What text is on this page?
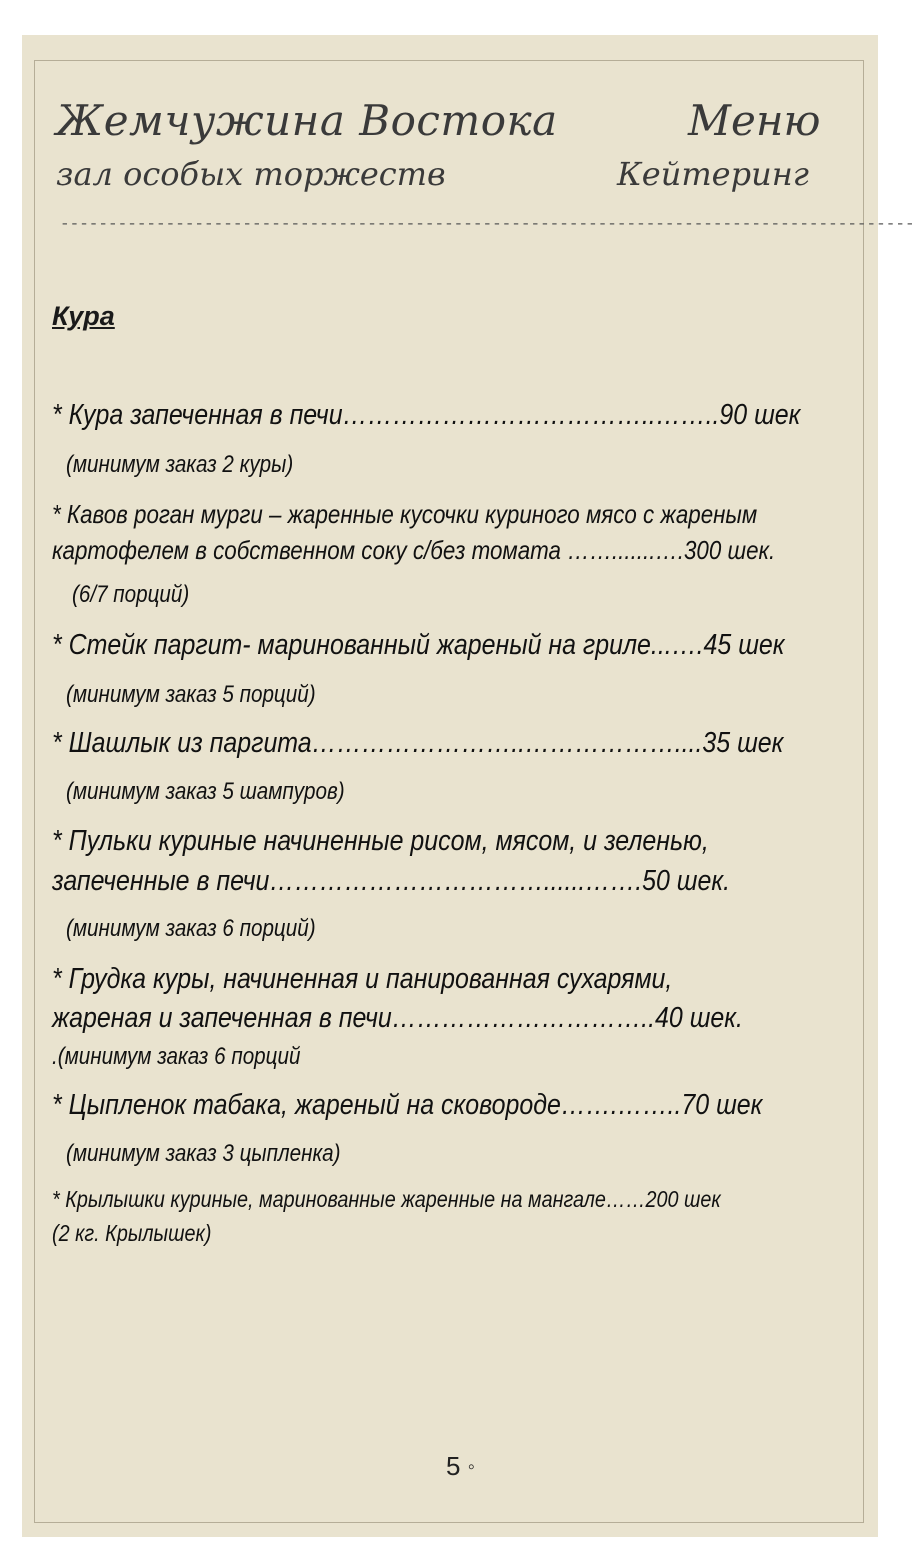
Жемчужина Востока
зал особых торжеств
Меню
Кейтеринг
-----------------------------------------------------------------------------------------
Кура
* Кура запеченная в печи………………………………..……..90 шек
(минимум заказ 2 куры)
* Кавов роган мурги – жаренные кусочки куриного мясо с жареным
картофелем в собственном соку с/без томата …….......….300 шек.
(6/7 порций)
* Стейк паргит- маринованный жареный на гриле...….45 шек
(минимум заказ 5 порций)
* Шашлык из паргита……………………..………………....35 шек
(минимум заказ 5 шампуров)
* Пульки куриные начиненные рисом, мясом, и зеленью,
запеченные в печи……………………………......…….50 шек.
(минимум заказ 6 порций)
* Грудка куры, начиненная и панированная сухарями,
жареная и запеченная в печи…………………………..40 шек.
.(минимум заказ 6 порций
* Цыпленок табака, жареный на сковороде…….……..70 шек
(минимум заказ 3 цыпленка)
* Крылышки куриные, маринованные жаренные на мангале……200 шек
(2 кг. Крылышек)
5 ◦
